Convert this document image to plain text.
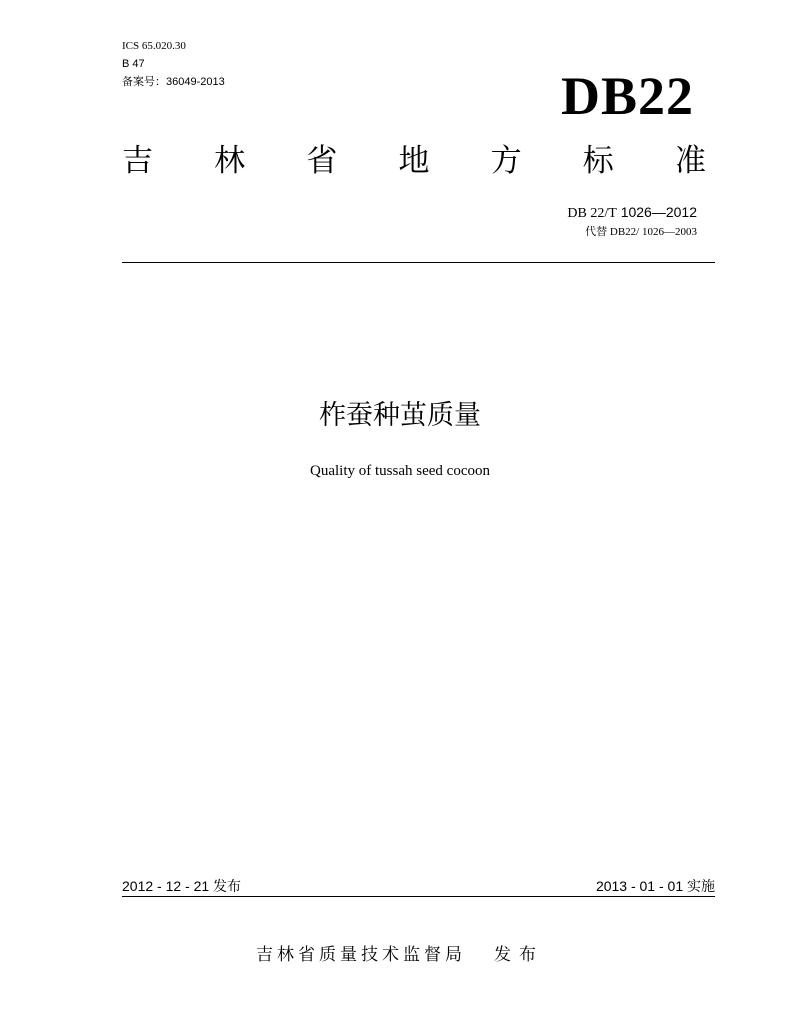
ICS 65.020.30
B 47
备案号：36049-2013	DB22
吉 林 省 地 方 标 准
DB 22/T 1026—2012
代替 DB22/ 1026—2003
柞蚕种茧质量
Quality of tussah seed cocoon
2012 - 12 - 21 发布	2013 - 01 - 01 实施
吉林省质量技术监督局 发布
